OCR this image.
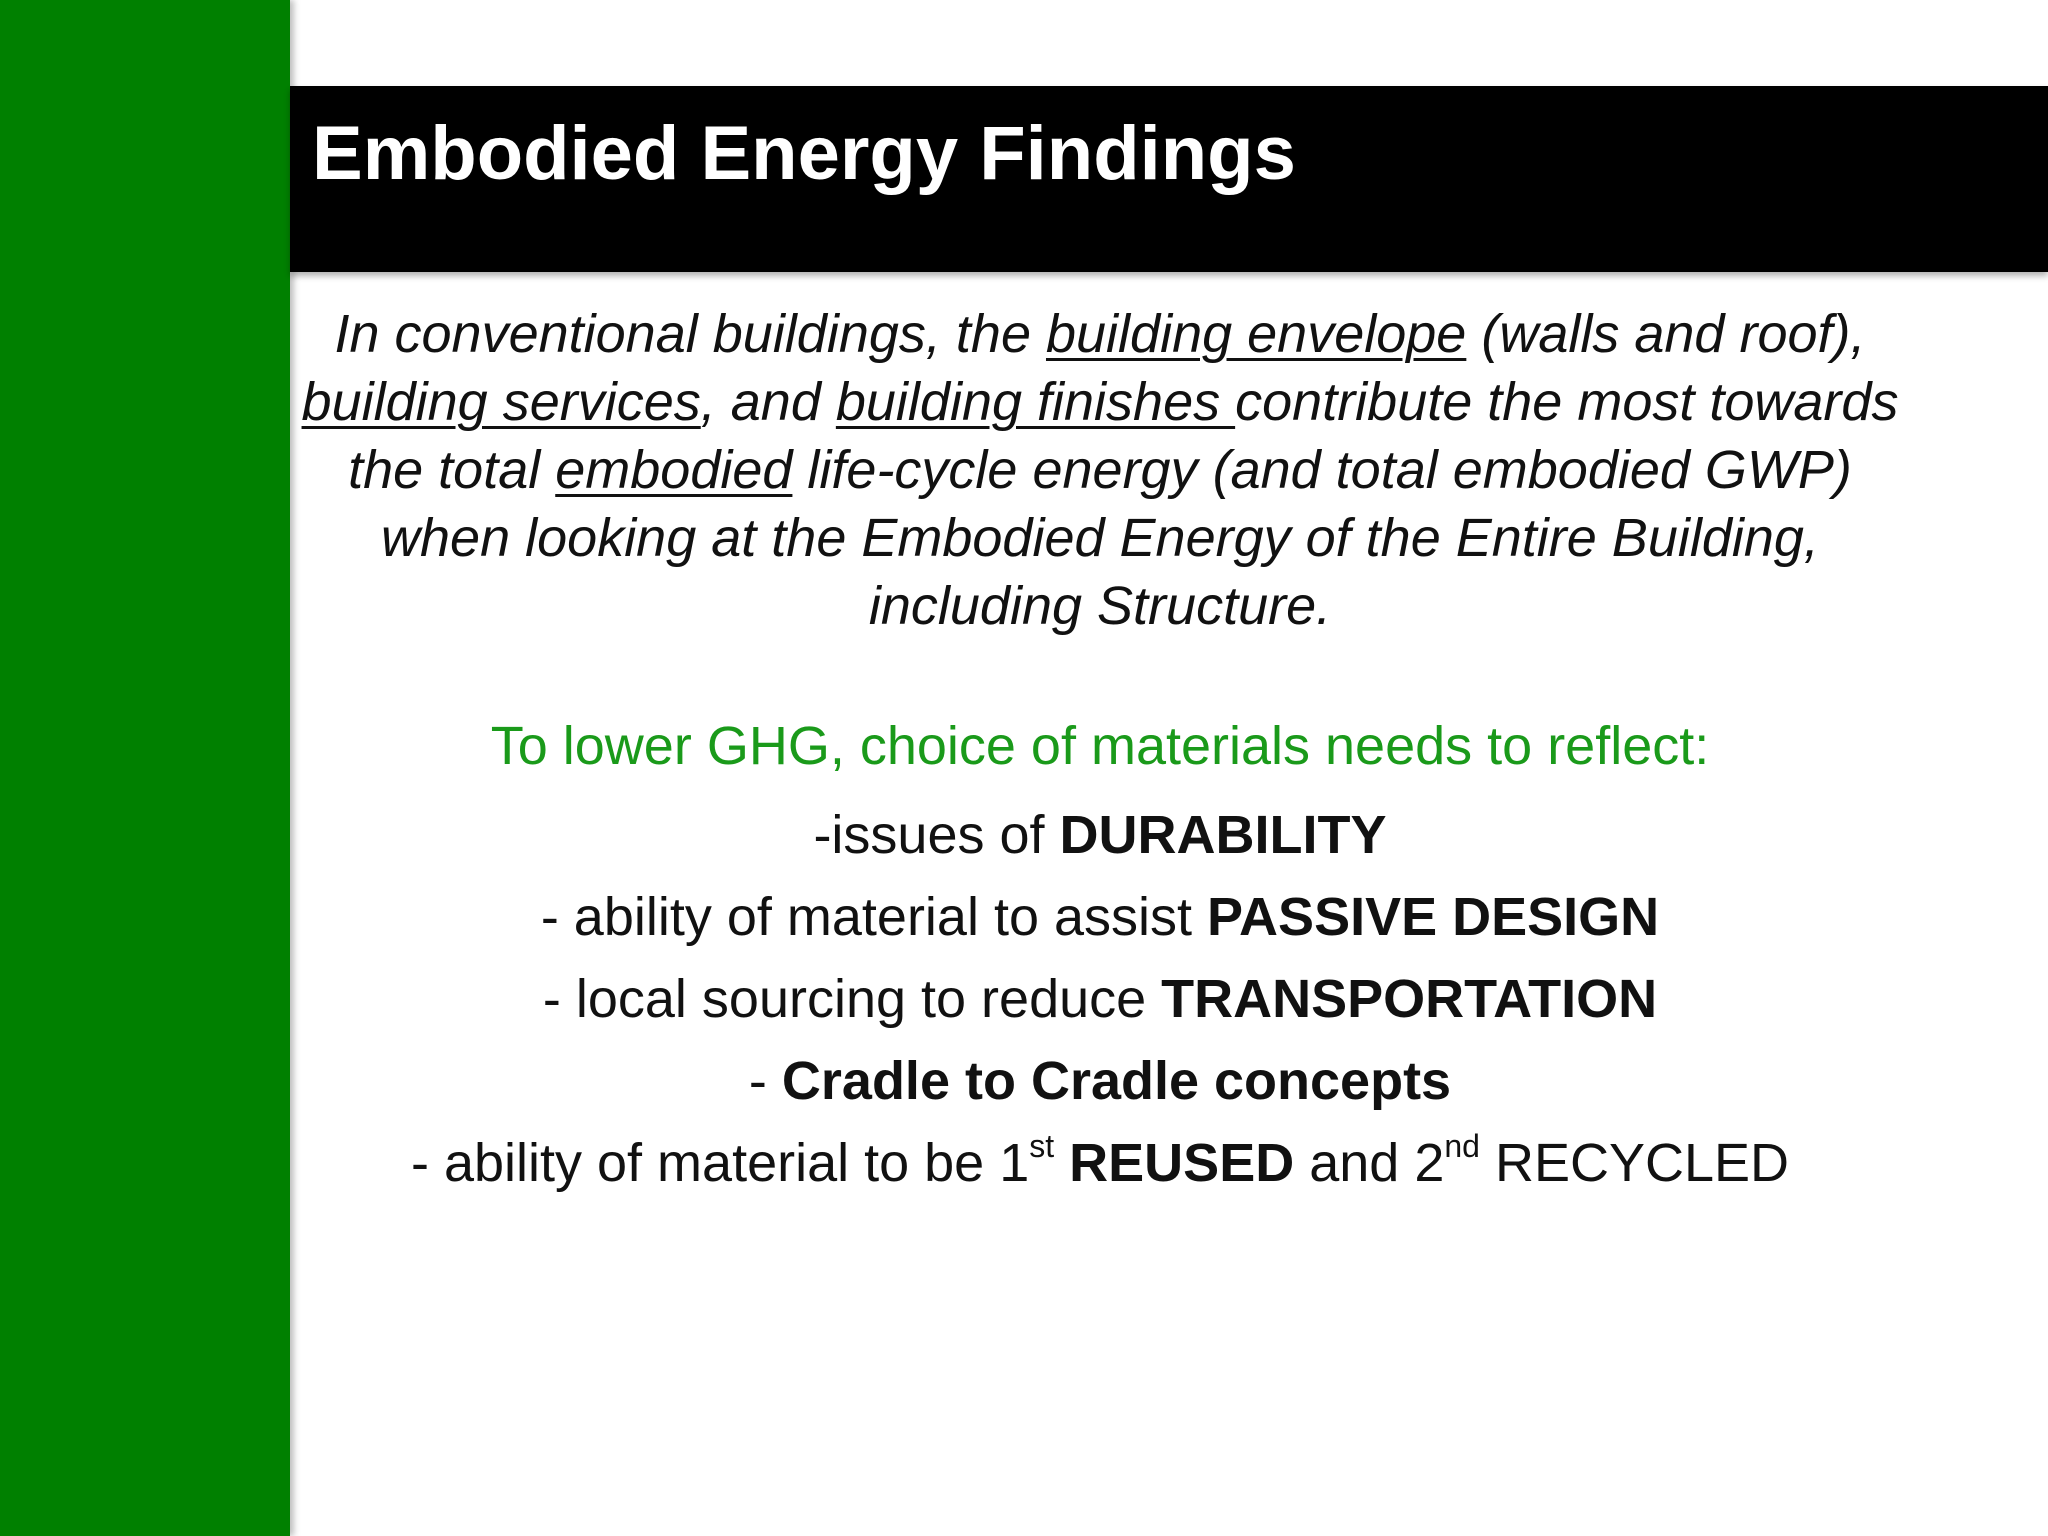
Embodied Energy Findings

In conventional buildings, the building envelope (walls and roof), building services, and building finishes contribute the most towards the total embodied life-cycle energy (and total embodied GWP) when looking at the Embodied Energy of the Entire Building, including Structure.

To lower GHG, choice of materials needs to reflect:

-issues of DURABILITY
- ability of material to assist PASSIVE DESIGN
- local sourcing to reduce TRANSPORTATION
- Cradle to Cradle concepts
- ability of material to be 1st REUSED and 2nd RECYCLED
